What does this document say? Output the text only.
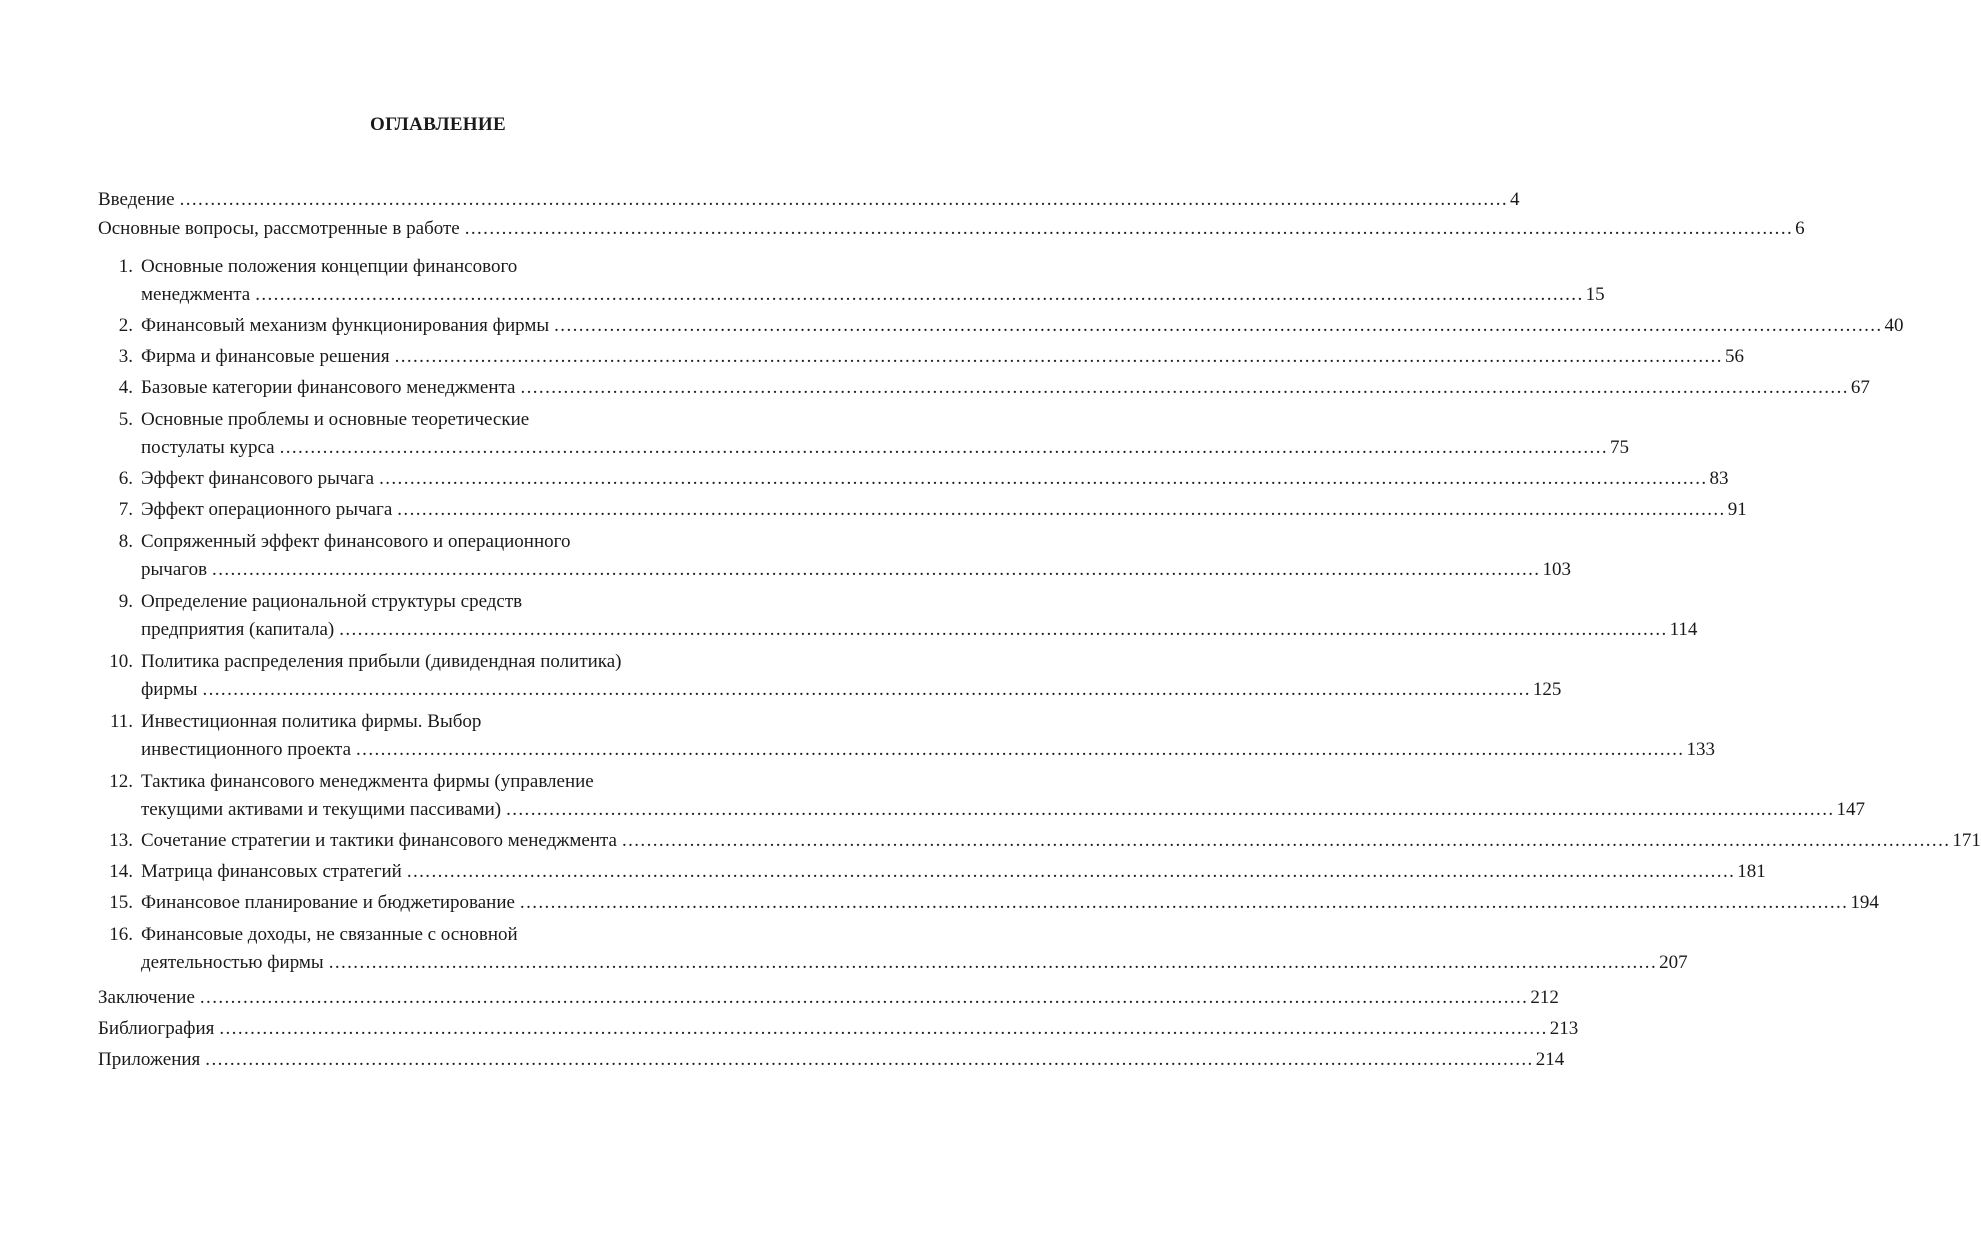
ОГЛАВЛЕНИЕ
Введение .....	4
Основные вопросы, рассмотренные в работе .....	6
1. Основные положения концепции финансового
менеджмента .....	15
2. Финансовый механизм функционирования фирмы .....	40
3. Фирма и финансовые решения .....	56
4. Базовые категории финансового менеджмента .....	67
5. Основные проблемы и основные теоретические
постулаты курса .....	75
6. Эффект финансового рычага .....	83
7. Эффект операционного рычага .....	91
8. Сопряженный эффект финансового и операционного
рычагов .....	103
9. Определение рациональной структуры средств
предприятия (капитала) .....	114
10. Политика распределения прибыли (дивидендная политика)
фирмы .....	125
11. Инвестиционная политика фирмы. Выбор
инвестиционного проекта .....	133
12. Тактика финансового менеджмента фирмы (управление
текущими активами и текущими пассивами) .....	147
13. Сочетание стратегии и тактики финансового менеджмента .....	171
14. Матрица финансовых стратегий .....	181
15. Финансовое планирование и бюджетирование .....	194
16. Финансовые доходы, не связанные с основной
деятельностью фирмы .....	207
Заключение .....	212
Библиография .....	213
Приложения .....	214
